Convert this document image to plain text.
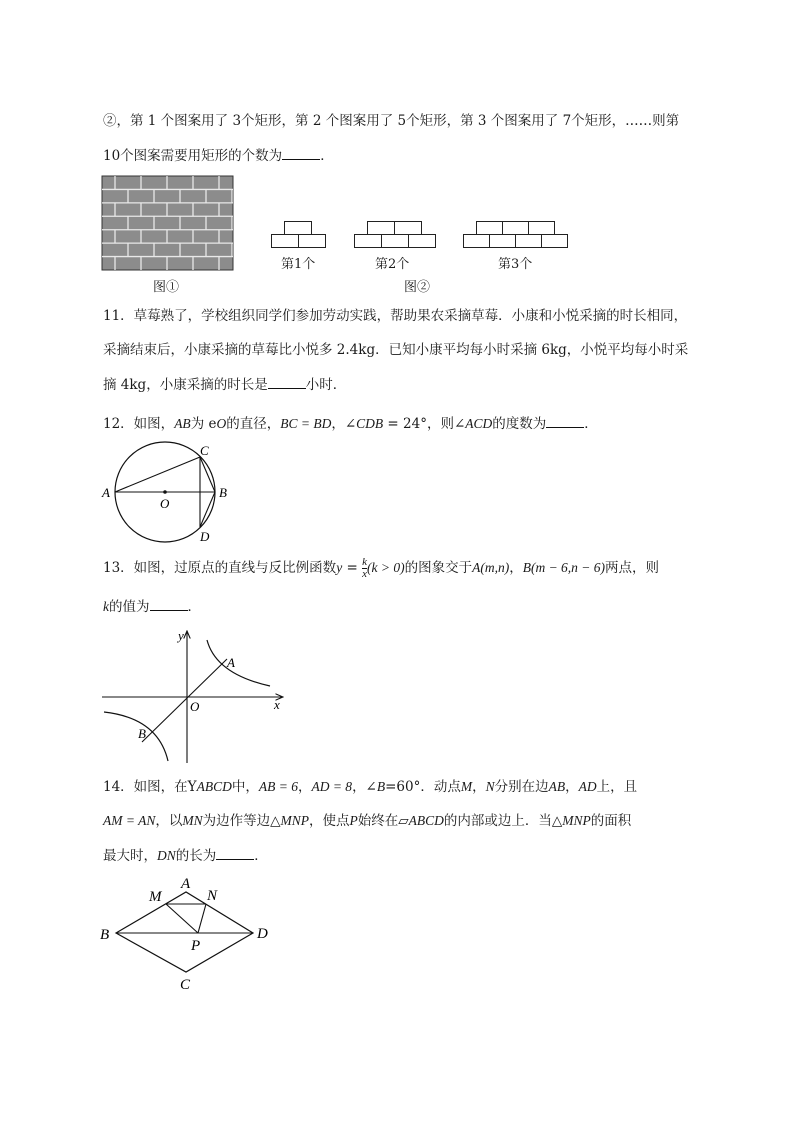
②，第 1 个图案用了 3个矩形，第 2 个图案用了 5个矩形，第 3 个图案用了 7个矩形，……则第
10个图案需要用矩形的个数为	．
图①
第1个	第2个	第3个
图②
11．草莓熟了，学校组织同学们参加劳动实践，帮助果农采摘草莓．小康和小悦采摘的时长相同，
采摘结束后，小康采摘的草莓比小悦多 2.4kg．已知小康平均每小时采摘 6kg，小悦平均每小时采
摘 4kg，小康采摘的时长是	小时．
12．如图，AB为 eO的直径，BC = BD，∠CDB = 24°，则∠ACD的度数为	．
A	B
C
D
O
13．如图，过原点的直线与反比例函数$y = \frac{k}{x} (k > 0)$的图象交于A(m,n)，B(m − 6,n − 6)两点，则
k的值为	．
y
x
O
A
B
14．如图，在YABCD中，AB = 6，AD = 8，∠B=60°．动点M，N分别在边AB，AD上，且
AM = AN，以MN为边作等边△MNP，使点P始终在▱ABCD的内部或边上．当△MNP的面积
最大时，DN的长为	．
A
B
C
D
M	N
P
